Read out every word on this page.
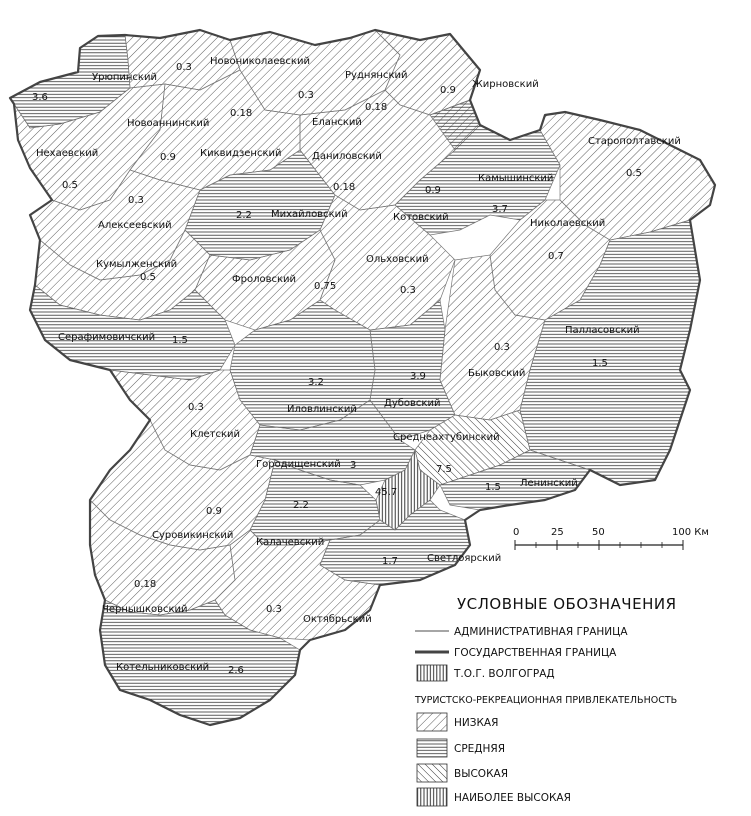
0	25	50	100 Км
Урюпинский
3.6
Новониколаевский
0.3
Руднянский
0.18
Жирновский
0.9
Новоаннинский
0.18
Еланский
0.3
Нехаевский
0.5
Киквидзенский
0.9	Даниловский
0.18
Старополтавский
0.5
Камышинский
3.7
Алексеевский
0.3
Михайловский
2.2	Котовский
0.9
Николаевский
0.7
Кумылженский
0.5	Фроловский
0.75
Ольховский
0.3
Серафимовичский 1.5
Палласовский
1.5
Быковский
0.3
Иловлинский
3.2
Дубовский
3.9
Клетский
0.3
Среднеахтубинский
7.5
Городищенский 3
Ленинский
1.5
Суровикинский
0.9
Калачевский
2.2
Светлоярский
1.7
Чернышковский
0.18
Октябрьский
0.3
Котельниковский 2.6
45.7
УСЛОВНЫЕ ОБОЗНАЧЕНИЯ
АДМИНИСТРАТИВНАЯ ГРАНИЦА
ГОСУДАРСТВЕННАЯ ГРАНИЦА
Т.О.Г. ВОЛГОГРАД
ТУРИСТСКО-РЕКРЕАЦИОННАЯ ПРИВЛЕКАТЕЛЬНОСТЬ
НИЗКАЯ
СРЕДНЯЯ
ВЫСОКАЯ
НАИБОЛЕЕ ВЫСОКАЯ
